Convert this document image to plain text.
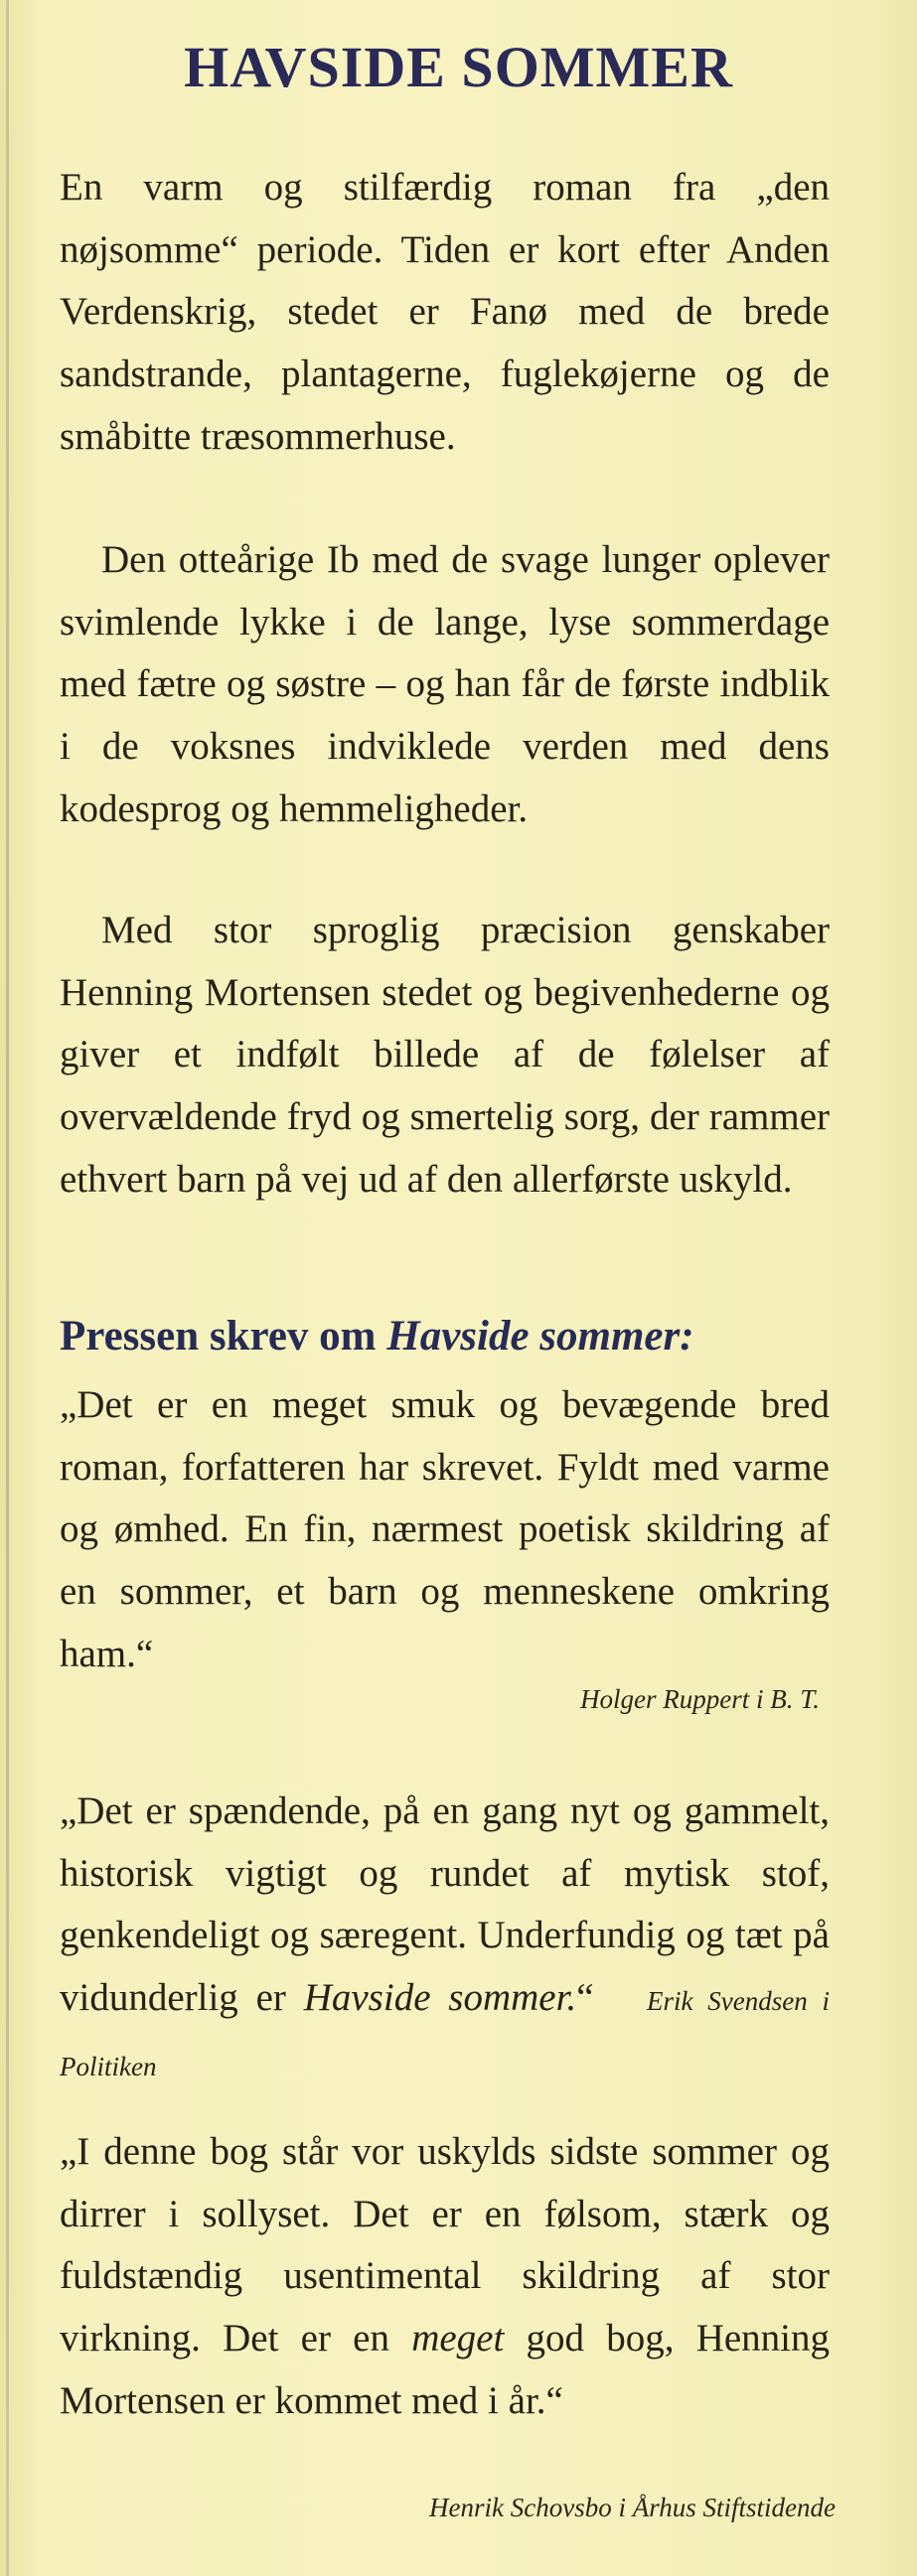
HAVSIDE SOMMER

En varm og stilfærdig roman fra „den nøjsomme“ periode. Tiden er kort efter Anden Verdenskrig, stedet er Fanø med de brede sandstrande, plantagerne, fuglekøjerne og de småbitte træsommerhuse.

Den otteårige Ib med de svage lunger oplever svimlende lykke i de lange, lyse sommerdage med fætre og søstre – og han får de første indblik i de voksnes indviklede verden med dens kodesprog og hemmeligheder.

Med stor sproglig præcision genskaber Henning Mortensen stedet og begivenhederne og giver et indfølt billede af de følelser af overvældende fryd og smertelig sorg, der rammer ethvert barn på vej ud af den allerførste uskyld.

Pressen skrev om Havside sommer:

„Det er en meget smuk og bevægende bred roman, forfatteren har skrevet. Fyldt med varme og ømhed. En fin, nærmest poetisk skildring af en sommer, et barn og menneskene omkring ham.“

Holger Ruppert i B. T.

„Det er spændende, på en gang nyt og gammelt, historisk vigtigt og rundet af mytisk stof, genkendeligt og særegent. Underfundig og tæt på vidunderlig er Havside sommer.“ Erik Svendsen i Politiken

„I denne bog står vor uskylds sidste sommer og dirrer i sollyset. Det er en følsom, stærk og fuldstændig usentimental skildring af stor virkning. Det er en meget god bog, Henning Mortensen er kommet med i år.“

Henrik Schovsbo i Århus Stiftstidende
